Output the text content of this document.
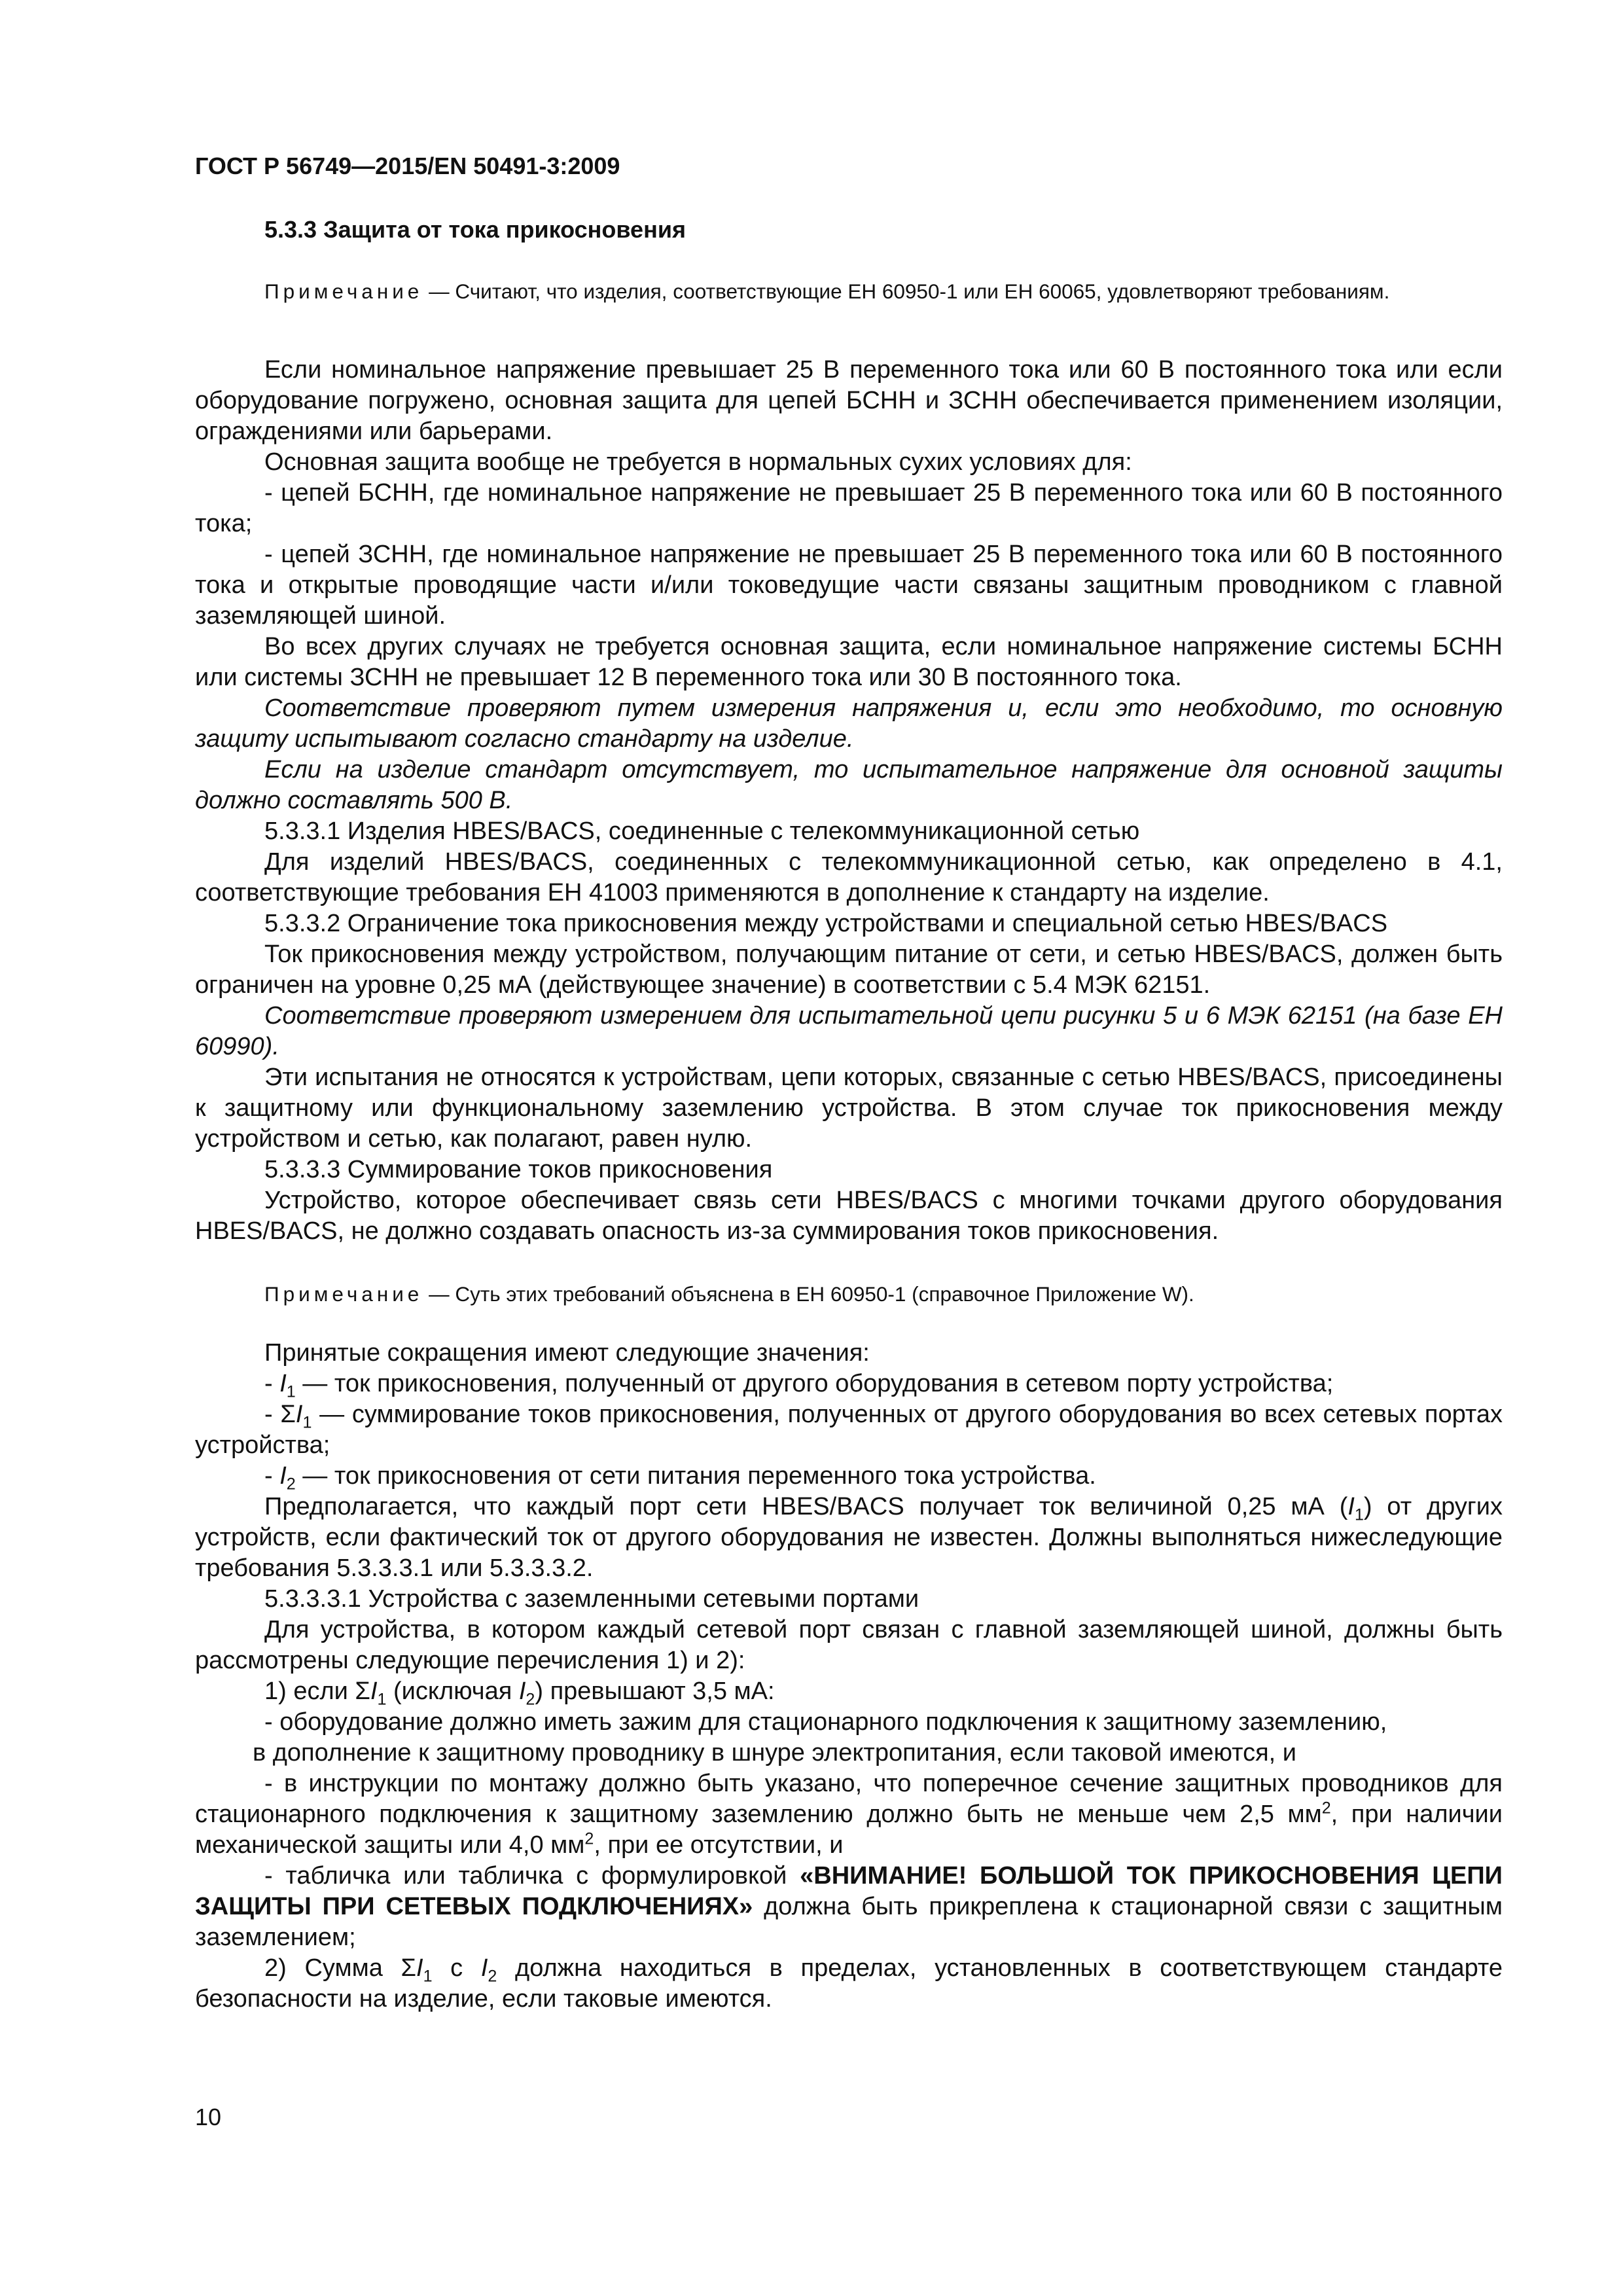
ГОСТ Р 56749—2015/EN 50491-3:2009
5.3.3 Защита от тока прикосновения

Примечание — Считают, что изделия, соответствующие ЕН 60950-1 или ЕН 60065, удовлетворяют требованиям.

Если номинальное напряжение превышает 25 В переменного тока или 60 В постоянного тока или если оборудование погружено, основная защита для цепей БСНН и ЗСНН обеспечивается применением изоляции, ограждениями или барьерами.

Основная защита вообще не требуется в нормальных сухих условиях для:

- цепей БСНН, где номинальное напряжение не превышает 25 В переменного тока или 60 В постоянного тока;

- цепей ЗСНН, где номинальное напряжение не превышает 25 В переменного тока или 60 В постоянного тока и открытые проводящие части и/или токоведущие части связаны защитным проводником с главной заземляющей шиной.

Во всех других случаях не требуется основная защита, если номинальное напряжение системы БСНН или системы ЗСНН не превышает 12 В переменного тока или 30 В постоянного тока.

Соответствие проверяют путем измерения напряжения и, если это необходимо, то основную защиту испытывают согласно стандарту на изделие.

Если на изделие стандарт отсутствует, то испытательное напряжение для основной защиты должно составлять 500 В.

5.3.3.1 Изделия HBES/BACS, соединенные с телекоммуникационной сетью

Для изделий HBES/BACS, соединенных с телекоммуникационной сетью, как определено в 4.1, соответствующие требования ЕН 41003 применяются в дополнение к стандарту на изделие.

5.3.3.2 Ограничение тока прикосновения между устройствами и специальной сетью HBES/BACS

Ток прикосновения между устройством, получающим питание от сети, и сетью HBES/BACS, должен быть ограничен на уровне 0,25 мА (действующее значение) в соответствии с 5.4 МЭК 62151.

Соответствие проверяют измерением для испытательной цепи рисунки 5 и 6 МЭК 62151 (на базе ЕН 60990).

Эти испытания не относятся к устройствам, цепи которых, связанные с сетью HBES/BACS, присоединены к защитному или функциональному заземлению устройства. В этом случае ток прикосновения между устройством и сетью, как полагают, равен нулю.

5.3.3.3 Суммирование токов прикосновения

Устройство, которое обеспечивает связь сети HBES/BACS с многими точками другого оборудования HBES/BACS, не должно создавать опасность из-за суммирования токов прикосновения.

Примечание — Суть этих требований объяснена в ЕН 60950-1 (справочное Приложение W).

Принятые сокращения имеют следующие значения:

- $I_1$ — ток прикосновения, полученный от другого оборудования в сетевом порту устройства;

- $\Sigma I_1$ — суммирование токов прикосновения, полученных от другого оборудования во всех сетевых портах устройства;

- $I_2$ — ток прикосновения от сети питания переменного тока устройства.

Предполагается, что каждый порт сети HBES/BACS получает ток величиной 0,25 мА $(I_1)$ от других устройств, если фактический ток от другого оборудования не известен. Должны выполняться нижеследующие требования 5.3.3.3.1 или 5.3.3.3.2.

5.3.3.3.1 Устройства с заземленными сетевыми портами

Для устройства, в котором каждый сетевой порт связан с главной заземляющей шиной, должны быть рассмотрены следующие перечисления 1) и 2):

1) если $\Sigma I_1$ (исключая $I_2$) превышают 3,5 мА:

- оборудование должно иметь зажим для стационарного подключения к защитному заземлению,

в дополнение к защитному проводнику в шнуре электропитания, если таковой имеются, и

- в инструкции по монтажу должно быть указано, что поперечное сечение защитных проводников для стационарного подключения к защитному заземлению должно быть не меньше чем 2,5 $мм^2$, при наличии механической защиты или 4,0 $мм^2$, при ее отсутствии, и

- табличка или табличка с формулировкой «ВНИМАНИЕ! БОЛЬШОЙ ТОК ПРИКОСНОВЕНИЯ ЦЕПИ ЗАЩИТЫ ПРИ СЕТЕВЫХ ПОДКЛЮЧЕНИЯХ» должна быть прикреплена к стационарной связи с защитным заземлением;

2) Сумма $\Sigma I_1$ с $I_2$ должна находиться в пределах, установленных в соответствующем стандарте безопасности на изделие, если таковые имеются.

10
